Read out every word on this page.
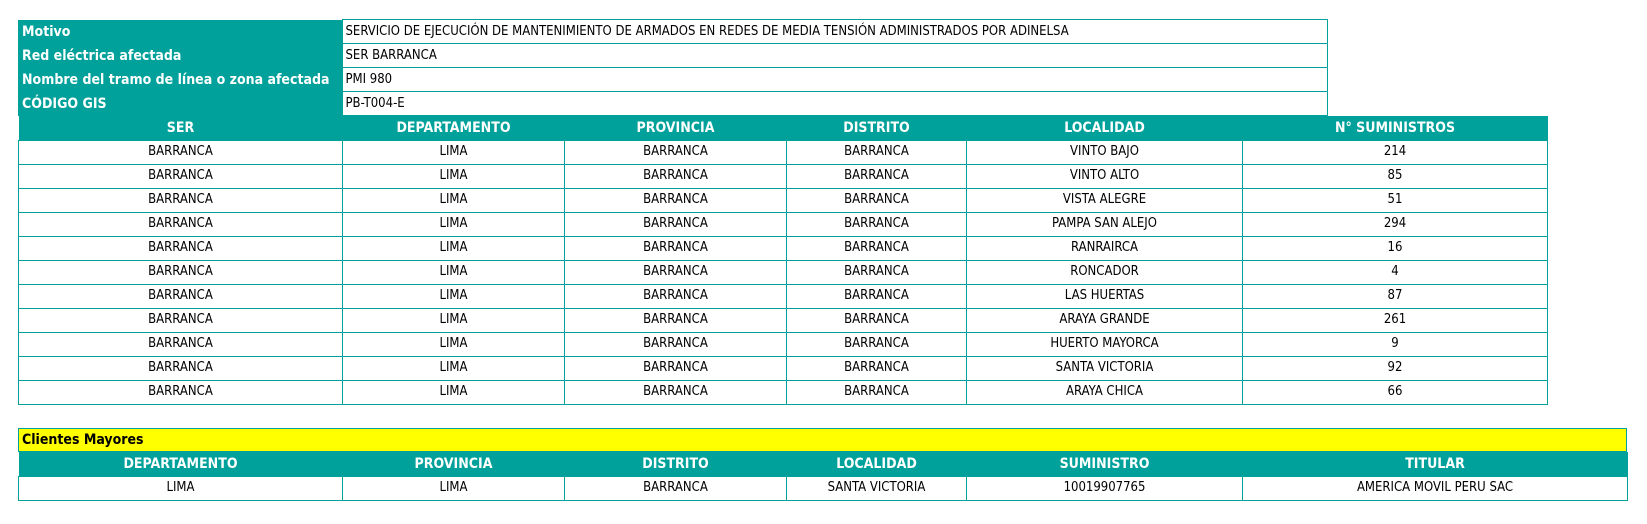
Motivo	SERVICIO DE EJECUCIÓN DE MANTENIMIENTO DE ARMADOS EN REDES DE MEDIA TENSIÓN ADMINISTRADOS POR ADINELSA
Red eléctrica afectada	SER BARRANCA
Nombre del tramo de línea o zona afectada	PMI 980
CÓDIGO GIS	PB-T004-E
SER	DEPARTAMENTO	PROVINCIA	DISTRITO	LOCALIDAD	N° SUMINISTROS
BARRANCA	LIMA	BARRANCA	BARRANCA	VINTO BAJO	214
BARRANCA	LIMA	BARRANCA	BARRANCA	VINTO ALTO	85
BARRANCA	LIMA	BARRANCA	BARRANCA	VISTA ALEGRE	51
BARRANCA	LIMA	BARRANCA	BARRANCA	PAMPA SAN ALEJO	294
BARRANCA	LIMA	BARRANCA	BARRANCA	RANRAIRCA	16
BARRANCA	LIMA	BARRANCA	BARRANCA	RONCADOR	4
BARRANCA	LIMA	BARRANCA	BARRANCA	LAS HUERTAS	87
BARRANCA	LIMA	BARRANCA	BARRANCA	ARAYA GRANDE	261
BARRANCA	LIMA	BARRANCA	BARRANCA	HUERTO MAYORCA	9
BARRANCA	LIMA	BARRANCA	BARRANCA	SANTA VICTORIA	92
BARRANCA	LIMA	BARRANCA	BARRANCA	ARAYA CHICA	66
Clientes Mayores
DEPARTAMENTO	PROVINCIA	DISTRITO	LOCALIDAD	SUMINISTRO	TITULAR
LIMA	LIMA	BARRANCA	SANTA VICTORIA	10019907765	AMERICA MOVIL PERU SAC
